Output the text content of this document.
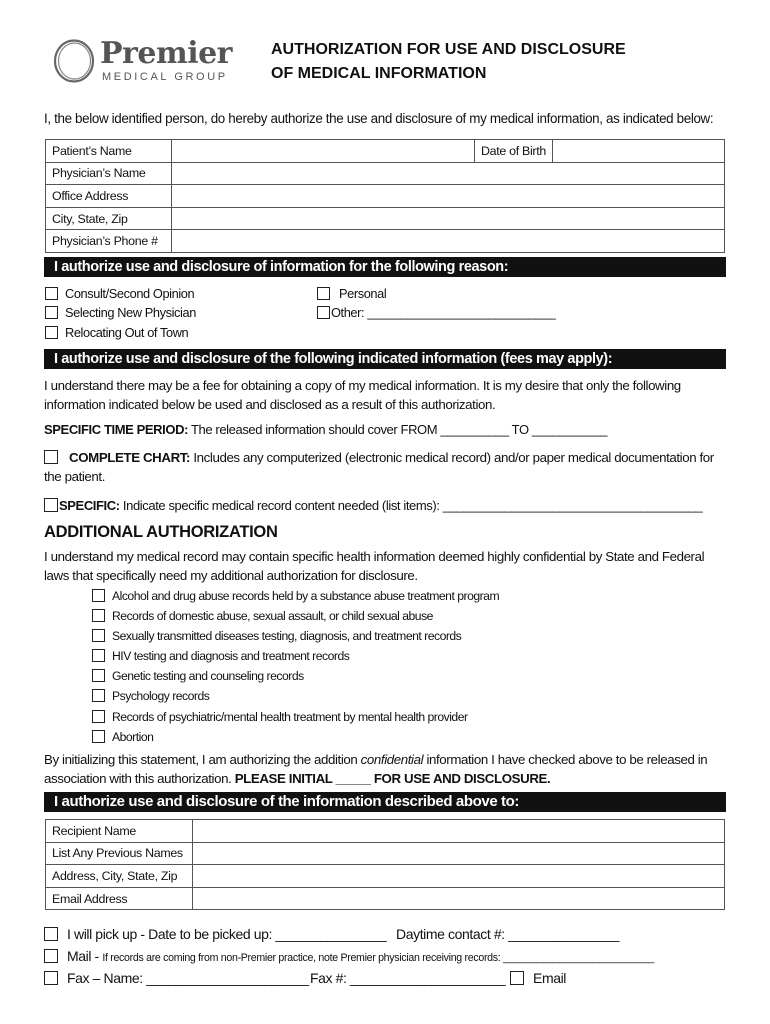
Premier
MEDICAL GROUP
AUTHORIZATION FOR USE AND DISCLOSURE
OF MEDICAL INFORMATION
I, the below identified person, do hereby authorize the use and disclosure of my medical information, as indicated below:
Patient’s Name		Date of Birth	
Physician’s Name			
Office Address			
City, State, Zip			
Physician’s Phone #			
I authorize use and disclosure of information for the following reason:
Consult/Second Opinion
Selecting New Physician
Relocating Out of Town
Personal
Other: ____________________________
I authorize use and disclosure of the following indicated information (fees may apply):
I understand there may be a fee for obtaining a copy of my medical information. It is my desire that only the following
information indicated below be used and disclosed as a result of this authorization.
SPECIFIC TIME PERIOD: The released information should cover FROM __________ TO ___________
COMPLETE CHART: Includes any computerized (electronic medical record) and/or paper medical documentation for
the patient.
SPECIFIC: Indicate specific medical record content needed (list items): ______________________________________
ADDITIONAL AUTHORIZATION
I understand my medical record may contain specific health information deemed highly confidential by State and Federal
laws that specifically need my additional authorization for disclosure.
Alcohol and drug abuse records held by a substance abuse treatment program
Records of domestic abuse, sexual assault, or child sexual abuse
Sexually transmitted diseases testing, diagnosis, and treatment records
HIV testing and diagnosis and treatment records
Genetic testing and counseling records
Psychology records
Records of psychiatric/mental health treatment by mental health provider
Abortion
By initializing this statement, I am authorizing the addition confidential information I have checked above to be released in
association with this authorization. PLEASE INITIAL _____ FOR USE AND DISCLOSURE.
I authorize use and disclosure of the information described above to:
Recipient Name	
List Any Previous Names	
Address, City, State, Zip	
Email Address	
I will pick up - Date to be picked up: _______________ Daytime contact #: _______________
Mail - If records are coming from non-Premier practice, note Premier physician receiving records: ___________________________
Fax – Name: ______________________ Fax #: _____________________	Email
